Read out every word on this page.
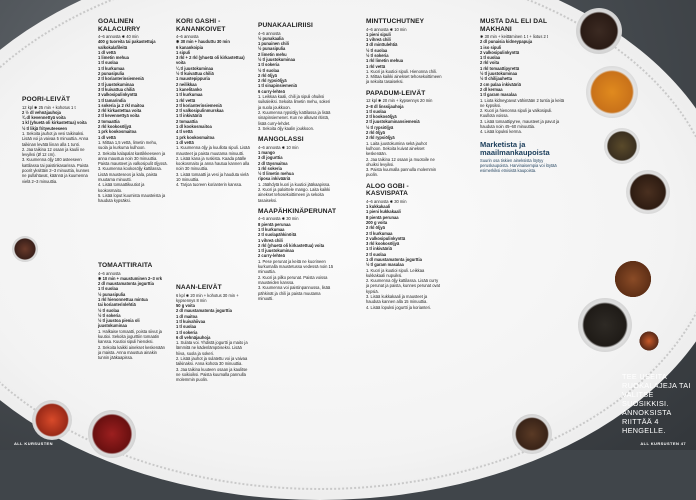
POORI-LEIVÄT

12 kpl ✱ 25 min + kohotus 1 t

2 ½ dl vehnäjauhoja
¾ dl kevennettyä voita
1 kl (yhuetä oli kirkastettua) voita
½ tl likjä frityeuteeseen

1. Sekoita jauhot ja vesi taikinaksi. Lisää voi ja vaivaa 5 minuuttia. Anna taikinan levätä liinan alla 1 tunti.

2. Jaa taikina 12 osaan ja kaulii ne levyiksi (Ø 12 cm).

3. Kuumenna öljy 180 asteeseen kattilassa tai paistinkasarissa. Paista poorit yksittäin 2–3 minuuttia, kunnes ne pullahtavat, käännä ja kuumenna vielä 2–3 minuuttia.

GOALINEN KALACURRY

4–6 annosta ✱ 40 min

400 g tuoreita tai pakastettuja valkokalafileitä
1 dl vettä
1 limetin mehua
1 tl suolaa
1 tl kurkumaa
2 punasipulia
2 tl korianterinsiemeniä
2 tl juustokuminaa
3 tl kuivattua chiliä
3 valkosipulinkynttä
1 tl tamarindia
1 sokeria ja 2 rkl maitoa
2 rkl kirkastettua voita
2 tl kevennettyä voita
2 tomaattia
2 rkl kookosöljyä
1 prk kookosmaitoa
1 dl vettä

1. Mittaa 1,5 vettä, limetin mehu, suola ja kurkuma kulhoon.

2. Sekoita kalapalat kastikkeeseen ja anna maustua noin 30 minuuttia. Paista mausteet ja valkosipulit öljyssä.

3. Kuumenna kookosöljy kattilassa. Lisää mausteseos ja kala, paista muutama minuutti.

4. Lisää tomaattikuutiot ja kookosmaito.

5. Lisää loput kuumista mausteista ja hauduta kypsäksi.

TOMAATTIRAITA

4–6 annosta

✱ 10 min + maustuminen 2–3 vrk
2 dl maustamatonta jogurttia
1 tl suolaa
½ punasipulia
1 rkl hienonnettua mintua
tai korianterinlehtiä
½ tl suolaa
½ tl sokeria
½ tl juustoa pienia oli juustokuminaa

1. Halkaise tomaatti, poista siivut ja kuutioi. Sekoita jogurttiin tomaatin kanssa. Kuutioi sipuli hienoksi.

2. Sekoita kaikki ainekset keskenään ja maista. Anna maustua ainakin tunnin jääkaapissa.

KORI GASHI -KANANKOIVET

4–6 annosta

✱ 30 min + hauduttu 30 min
6 kanankoipia
1 sipuli
3 rkl + 2 rkl (yhuetä oli kirkastettua) voita
¼ tl juustokuminaa
½ tl kuivattua chiliä
1 maustepippuria
2 neilikkaa
1 kanelitanko
1 tl kurkumaa
1 rkl vettä
2 tl korianterinsiemeniä
2 tl valkosipulinmurskaa
1 tl inkivääriä
2 tomaattia
1 dl kookosmaitoa
4 tl vettä
1 prk kookosmaitoa
1 dl vettä

1. Kuumenna öljy ja kuullota sipuli. Lisää mausteet ja paista muutama minuutti.

2. Lisää kana ja ruskista. Kaada päälle kookosmaito ja anna hautua kannen alla noin 30 minuuttia.

3. Lisää tomaatti ja vesi ja hauduta vielä 10 minuuttia.

4. Tarjoa tuoreen korianterin kanssa.

NAAN-LEIVÄT

6 kpl ✱ 20 min + kohotus 30 min + kypsennys 8 min

50 g voita
2 dl maustamatonta jogurttia
1 dl maitoa
1 tl kuivahiivaa
1 tl suolaa
1 tl sokeria
6 dl vehnäjauhoja

1. Sulata voi. Yhdistä jogurtti ja maito ja lämmitä ne kädenlämpöiseksi. Lisää hiiva, suola ja sokeri.

2. Lisää jauhot ja sulatettu voi ja vaivaa taikinaksi. Anna kohota 30 minuuttia.

3. Jaa taikina kuuteen osaan ja kaulitse ne soikioiksi. Paista kuumalla pannulla molemmin puolin.

PUNAKAALIRIISI

4–6 annosta

½ punakaalia
1 punainen chili
½ punasipulia
2 limetin mehu
½ tl juustokuminaa
1 tl sokeria
½ tl suolaa
2 rkl öljyä
2 rkl rypsiöljyä
1 tl sinapinsiemeniä
6 curry-lehteä

1. Leikkaa kaali, chili ja sipuli ohuiksi suikaleiksi. Sekoita limetin mehu, sokeri ja suola joukkoon.

2. Kuumenna rypsiöljy kattilassa ja lisää sinapinsiemenet. Kun ne alkavat ritistä, lisää curry-lehdet.

3. Sekoita öljy kaalin joukkoon.

MANGOLASSI

4–6 annosta ✱ 10 min

1 mango
3 dl jogurttia
2 dl täysmaitoa
1 rkl sokeria
½ tl limetin mehua
riposa inkivääriä

1. Jäähdytä kuori ja kuutioi jääkaapissa.

2. Kuori ja paloittele mango. Laita kaikki ainekset tehosekoittimeen ja sekoita tasaiseksi.

MAAPÄHKINÄPERUNAT

4–6 annosta ✱ 30 min

8 pientä perunaa
1 tl kurkumaa
2 tl suolapähkinöitä
1 vihreä chili
2 rkl (yhuetä oli kirkastettua) voita
1 tl juustokuminaa
2 curry-lehteä

1. Pese perunat ja keitä ne kuorineen kurkumalla maustetussa vedessä noin 15 minuuttia.

2. Kuori ja pilko perunat. Paista voissa mausteiden kanssa.

3. Kuumenna voi paistinpannussa, lisää pähkinät ja chili ja paista muutama minuutti.

MINTTUCHUTNEY

4–6 annosta ✱ 10 min

1 pieni sipuli
1 vihreä chili
3 dl minttulehtiä
½ tl suolaa
½ tl sokeria
1 rkl limetin mehua
1 rkl vettä

1. Kuori ja kuutioi sipuli. Hienonna chili.

2. Mittaa kaikki ainekset tehosekoittimeen ja sekoita tasaiseksi.

PAPADUM-LEIVÄT

12 kpl ✱ 20 min + kypsennys 20 min

2–8 dl linssijauhoja
1 tl suolaa
2 tl kookosöljyä
2 tl juustokuminansiemeniä
½ tl rypsiöljyä
2 rkl öljyä
2 rkl rypsiöljyä

1. Laita juustokumina sekä jauhot kulhoon. Sekoita kuivat ainekset keskenään.

2. Jaa taikina 12 osaan ja muotoile ne ohuiksi levyiksi.

3. Paista kuumalla pannulla molemmin puolin.

ALOO GOBI -KASVISPATA

4–6 annosta ✱ 30 min

1 kukkakaali
1 pieni kukkakaali
8 pientä perunaa
200 g voita
2 rkl öljyä
2 tl kurkumaa
2 valkosipulinkynttä
3 rkl kookosöljyä
1 tl inkivääriä
2 tl suolaa
1 dl maustamatonta jogurttia
½ tl garam masalaa

1. Kuori ja kuutioi sipuli. Leikkaa kukkakaali nupuiksi.

2. Kuumenna öljy kattilassa. Lisää curry ja perunat ja paista, kunnes perunat ovat kypsiä.

3. Lisää kukkakaali ja mausteet ja hauduta kannen alla 15 minuuttia.

4. Lisää lopuksi jogurtti ja korianteri.

MUSTA DAL ELI DAL MAKHANI

✱ 30 min + keittäminen 1 t + liotus 2 t

2 dl punaisia kidneypapuja
1 iso sipuli
2 valkosipulinkynttä
1 tl suolaa
2 rkl voita
1 rkl tomaattipyrettä
½ tl juustokuminaa
½ tl chilijauhetta
2 cm palaa inkivääriä
2 dl kermaa
1 tl garam masalaa

1. Liota kidneypavut vähintään 2 tuntia ja keitä ne kypsiksi.

2. Kuori ja hienonna sipuli ja valkosipuli. Kuullota voissa.

3. Lisää tomaattipyree, mausteet ja pavut ja hauduta noin 45–60 minuuttia.

4. Lisää lopuksi kerma.

Marketista ja maailmankaupoista

Suurin osa tiskien aineksista löytyy peruskaupoista. Harvinaisempia voi löytää esimerkiksi etnisistä kaupoista.

TEE USEITA RUOKALAJEJA TAI VALITSE SUOSIKKISI. ANNOKSISTA RIITTÄÄ 4 HENGELLE.
ALL KURSUSTEN	ALL KURSUSTEN 47
